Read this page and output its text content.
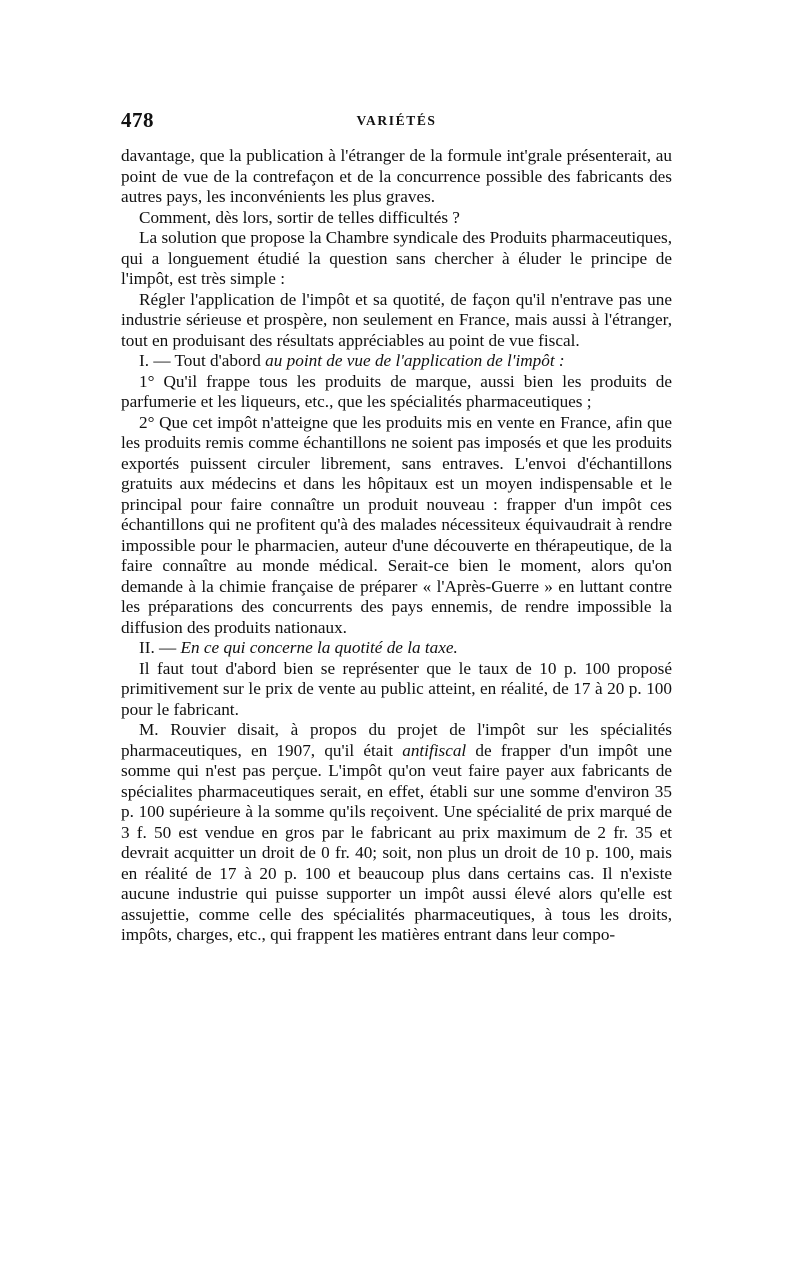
478	VARIÉTÉS

davantage, que la publication à l'étranger de la formule int'grale présenterait, au point de vue de la contrefaçon et de la concurrence possible des fabricants des autres pays, les inconvénients les plus graves.

Comment, dès lors, sortir de telles difficultés ?

La solution que propose la Chambre syndicale des Produits pharmaceutiques, qui a longuement étudié la question sans chercher à éluder le principe de l'impôt, est très simple :

Régler l'application de l'impôt et sa quotité, de façon qu'il n'entrave pas une industrie sérieuse et prospère, non seulement en France, mais aussi à l'étranger, tout en produisant des résultats appréciables au point de vue fiscal.

I. — Tout d'abord au point de vue de l'application de l'impôt :

1° Qu'il frappe tous les produits de marque, aussi bien les produits de parfumerie et les liqueurs, etc., que les spécialités pharmaceutiques ;

2° Que cet impôt n'atteigne que les produits mis en vente en France, afin que les produits remis comme échantillons ne soient pas imposés et que les produits exportés puissent circuler librement, sans entraves. L'envoi d'échantillons gratuits aux médecins et dans les hôpitaux est un moyen indispensable et le principal pour faire connaître un produit nouveau : frapper d'un impôt ces échantillons qui ne profitent qu'à des malades nécessiteux équivaudrait à rendre impossible pour le pharmacien, auteur d'une découverte en thérapeutique, de la faire connaître au monde médical. Serait-ce bien le moment, alors qu'on demande à la chimie française de préparer « l'Après-Guerre » en luttant contre les préparations des concurrents des pays ennemis, de rendre impossible la diffusion des produits nationaux.

II. — En ce qui concerne la quotité de la taxe.

Il faut tout d'abord bien se représenter que le taux de 10 p. 100 proposé primitivement sur le prix de vente au public atteint, en réalité, de 17 à 20 p. 100 pour le fabricant.

M. Rouvier disait, à propos du projet de l'impôt sur les spécialités pharmaceutiques, en 1907, qu'il était antifiscal de frapper d'un impôt une somme qui n'est pas perçue. L'impôt qu'on veut faire payer aux fabricants de spécialites pharmaceutiques serait, en effet, établi sur une somme d'environ 35 p. 100 supérieure à la somme qu'ils reçoivent. Une spécialité de prix marqué de 3 f. 50 est vendue en gros par le fabricant au prix maximum de 2 fr. 35 et devrait acquitter un droit de 0 fr. 40; soit, non plus un droit de 10 p. 100, mais en réalité de 17 à 20 p. 100 et beaucoup plus dans certains cas. Il n'existe aucune industrie qui puisse supporter un impôt aussi élevé alors qu'elle est assujettie, comme celle des spécialités pharmaceutiques, à tous les droits, impôts, charges, etc., qui frappent les matières entrant dans leur compo-
